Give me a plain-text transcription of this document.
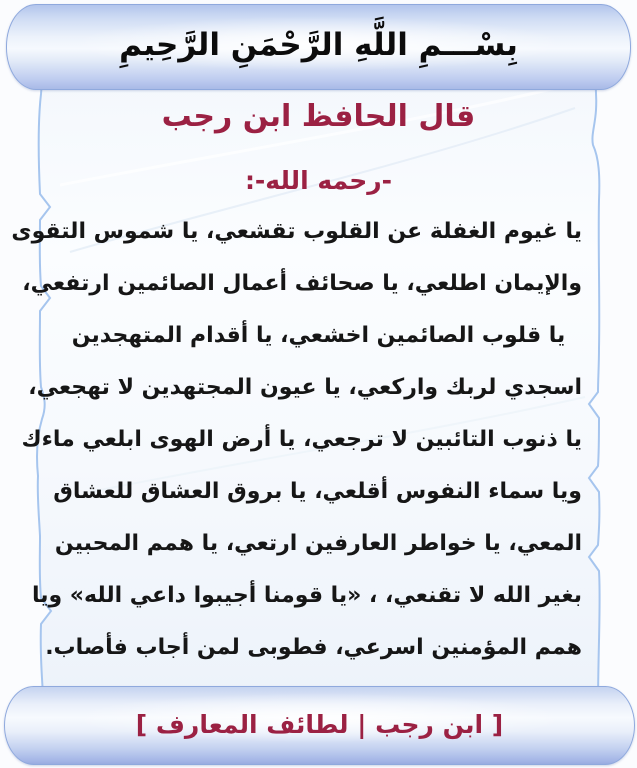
بِسْـــمِ اللَّهِ الرَّحْمَنِ الرَّحِيمِ
قال الحافظ ابن رجب
-رحمه الله-:
يا غيوم الغفلة عن القلوب تقشعي، يا شموس التقوى
والإيمان اطلعي، يا صحائف أعمال الصائمين ارتفعي،
يا قلوب الصائمين اخشعي، يا أقدام المتهجدين
اسجدي لربك واركعي، يا عيون المجتهدين لا تهجعي،
يا ذنوب التائبين لا ترجعي، يا أرض الهوى ابلعي ماءك
ويا سماء النفوس أقلعي، يا بروق العشاق للعشاق
المعي، يا خواطر العارفين ارتعي، يا همم المحبين
بغير الله لا تقنعي، ، «يا قومنا أجيبوا داعي الله» ويا
همم المؤمنين اسرعي، فطوبى لمن أجاب فأصاب.
[ ابن رجب | لطائف المعارف ]
